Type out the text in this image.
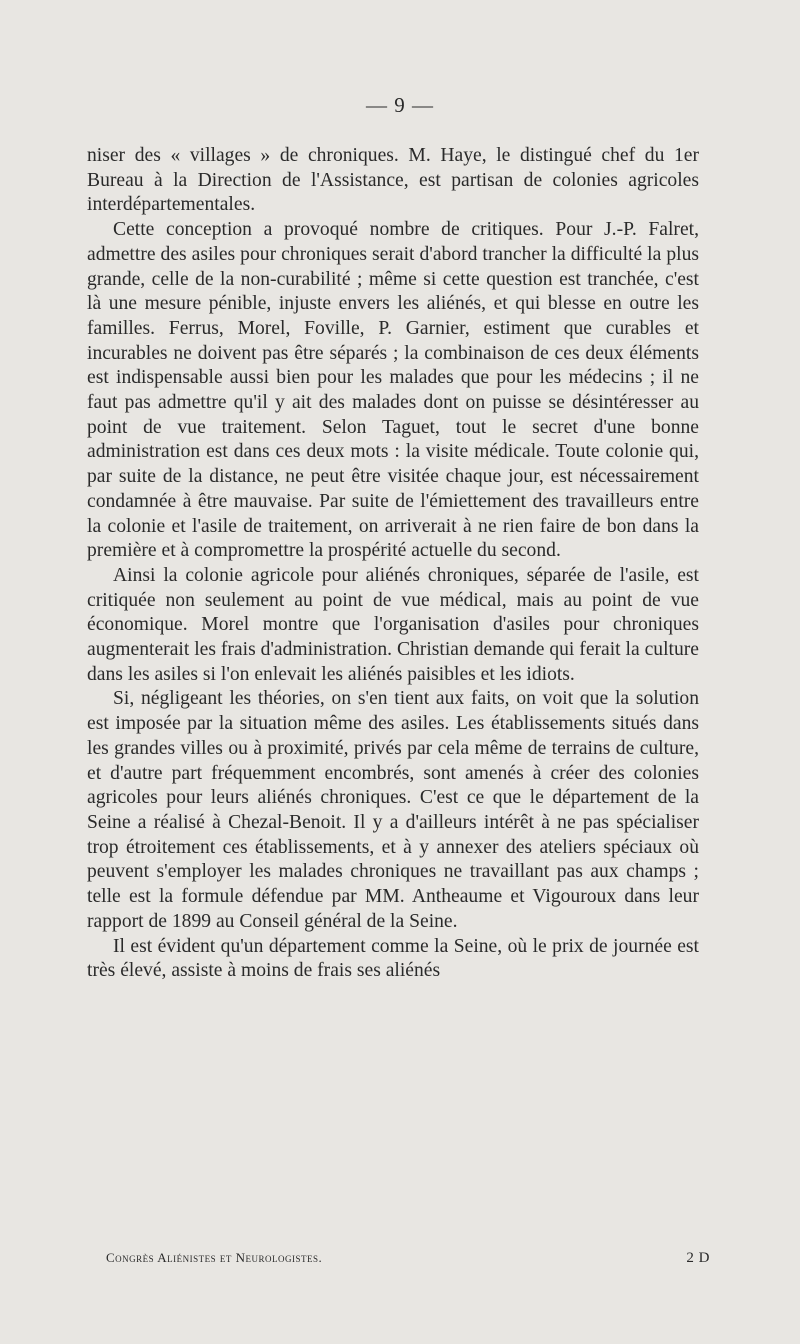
— 9 —

niser des « villages » de chroniques. M. Haye, le distingué chef du 1er Bureau à la Direction de l'Assistance, est partisan de colonies agricoles interdépartementales.

Cette conception a provoqué nombre de critiques. Pour J.-P. Falret, admettre des asiles pour chroniques serait d'abord trancher la difficulté la plus grande, celle de la non-curabilité ; même si cette question est tranchée, c'est là une mesure pénible, injuste envers les aliénés, et qui blesse en outre les familles. Ferrus, Morel, Foville, P. Garnier, estiment que curables et incurables ne doivent pas être séparés ; la combinaison de ces deux éléments est indispensable aussi bien pour les malades que pour les médecins ; il ne faut pas admettre qu'il y ait des malades dont on puisse se désintéresser au point de vue traitement. Selon Taguet, tout le secret d'une bonne administration est dans ces deux mots : la visite médicale. Toute colonie qui, par suite de la distance, ne peut être visitée chaque jour, est nécessairement condamnée à être mauvaise. Par suite de l'émiettement des travailleurs entre la colonie et l'asile de traitement, on arriverait à ne rien faire de bon dans la première et à compromettre la prospérité actuelle du second.

Ainsi la colonie agricole pour aliénés chroniques, séparée de l'asile, est critiquée non seulement au point de vue médical, mais au point de vue économique. Morel montre que l'organisation d'asiles pour chroniques augmenterait les frais d'administration. Christian demande qui ferait la culture dans les asiles si l'on enlevait les aliénés paisibles et les idiots.

Si, négligeant les théories, on s'en tient aux faits, on voit que la solution est imposée par la situation même des asiles. Les établissements situés dans les grandes villes ou à proximité, privés par cela même de terrains de culture, et d'autre part fréquemment encombrés, sont amenés à créer des colonies agricoles pour leurs aliénés chroniques. C'est ce que le département de la Seine a réalisé à Chezal-Benoit. Il y a d'ailleurs intérêt à ne pas spécialiser trop étroitement ces établissements, et à y annexer des ateliers spéciaux où peuvent s'employer les malades chroniques ne travaillant pas aux champs ; telle est la formule défendue par MM. Antheaume et Vigouroux dans leur rapport de 1899 au Conseil général de la Seine.

Il est évident qu'un département comme la Seine, où le prix de journée est très élevé, assiste à moins de frais ses aliénés

Congrès Aliénistes et Neurologistes.	2 D
